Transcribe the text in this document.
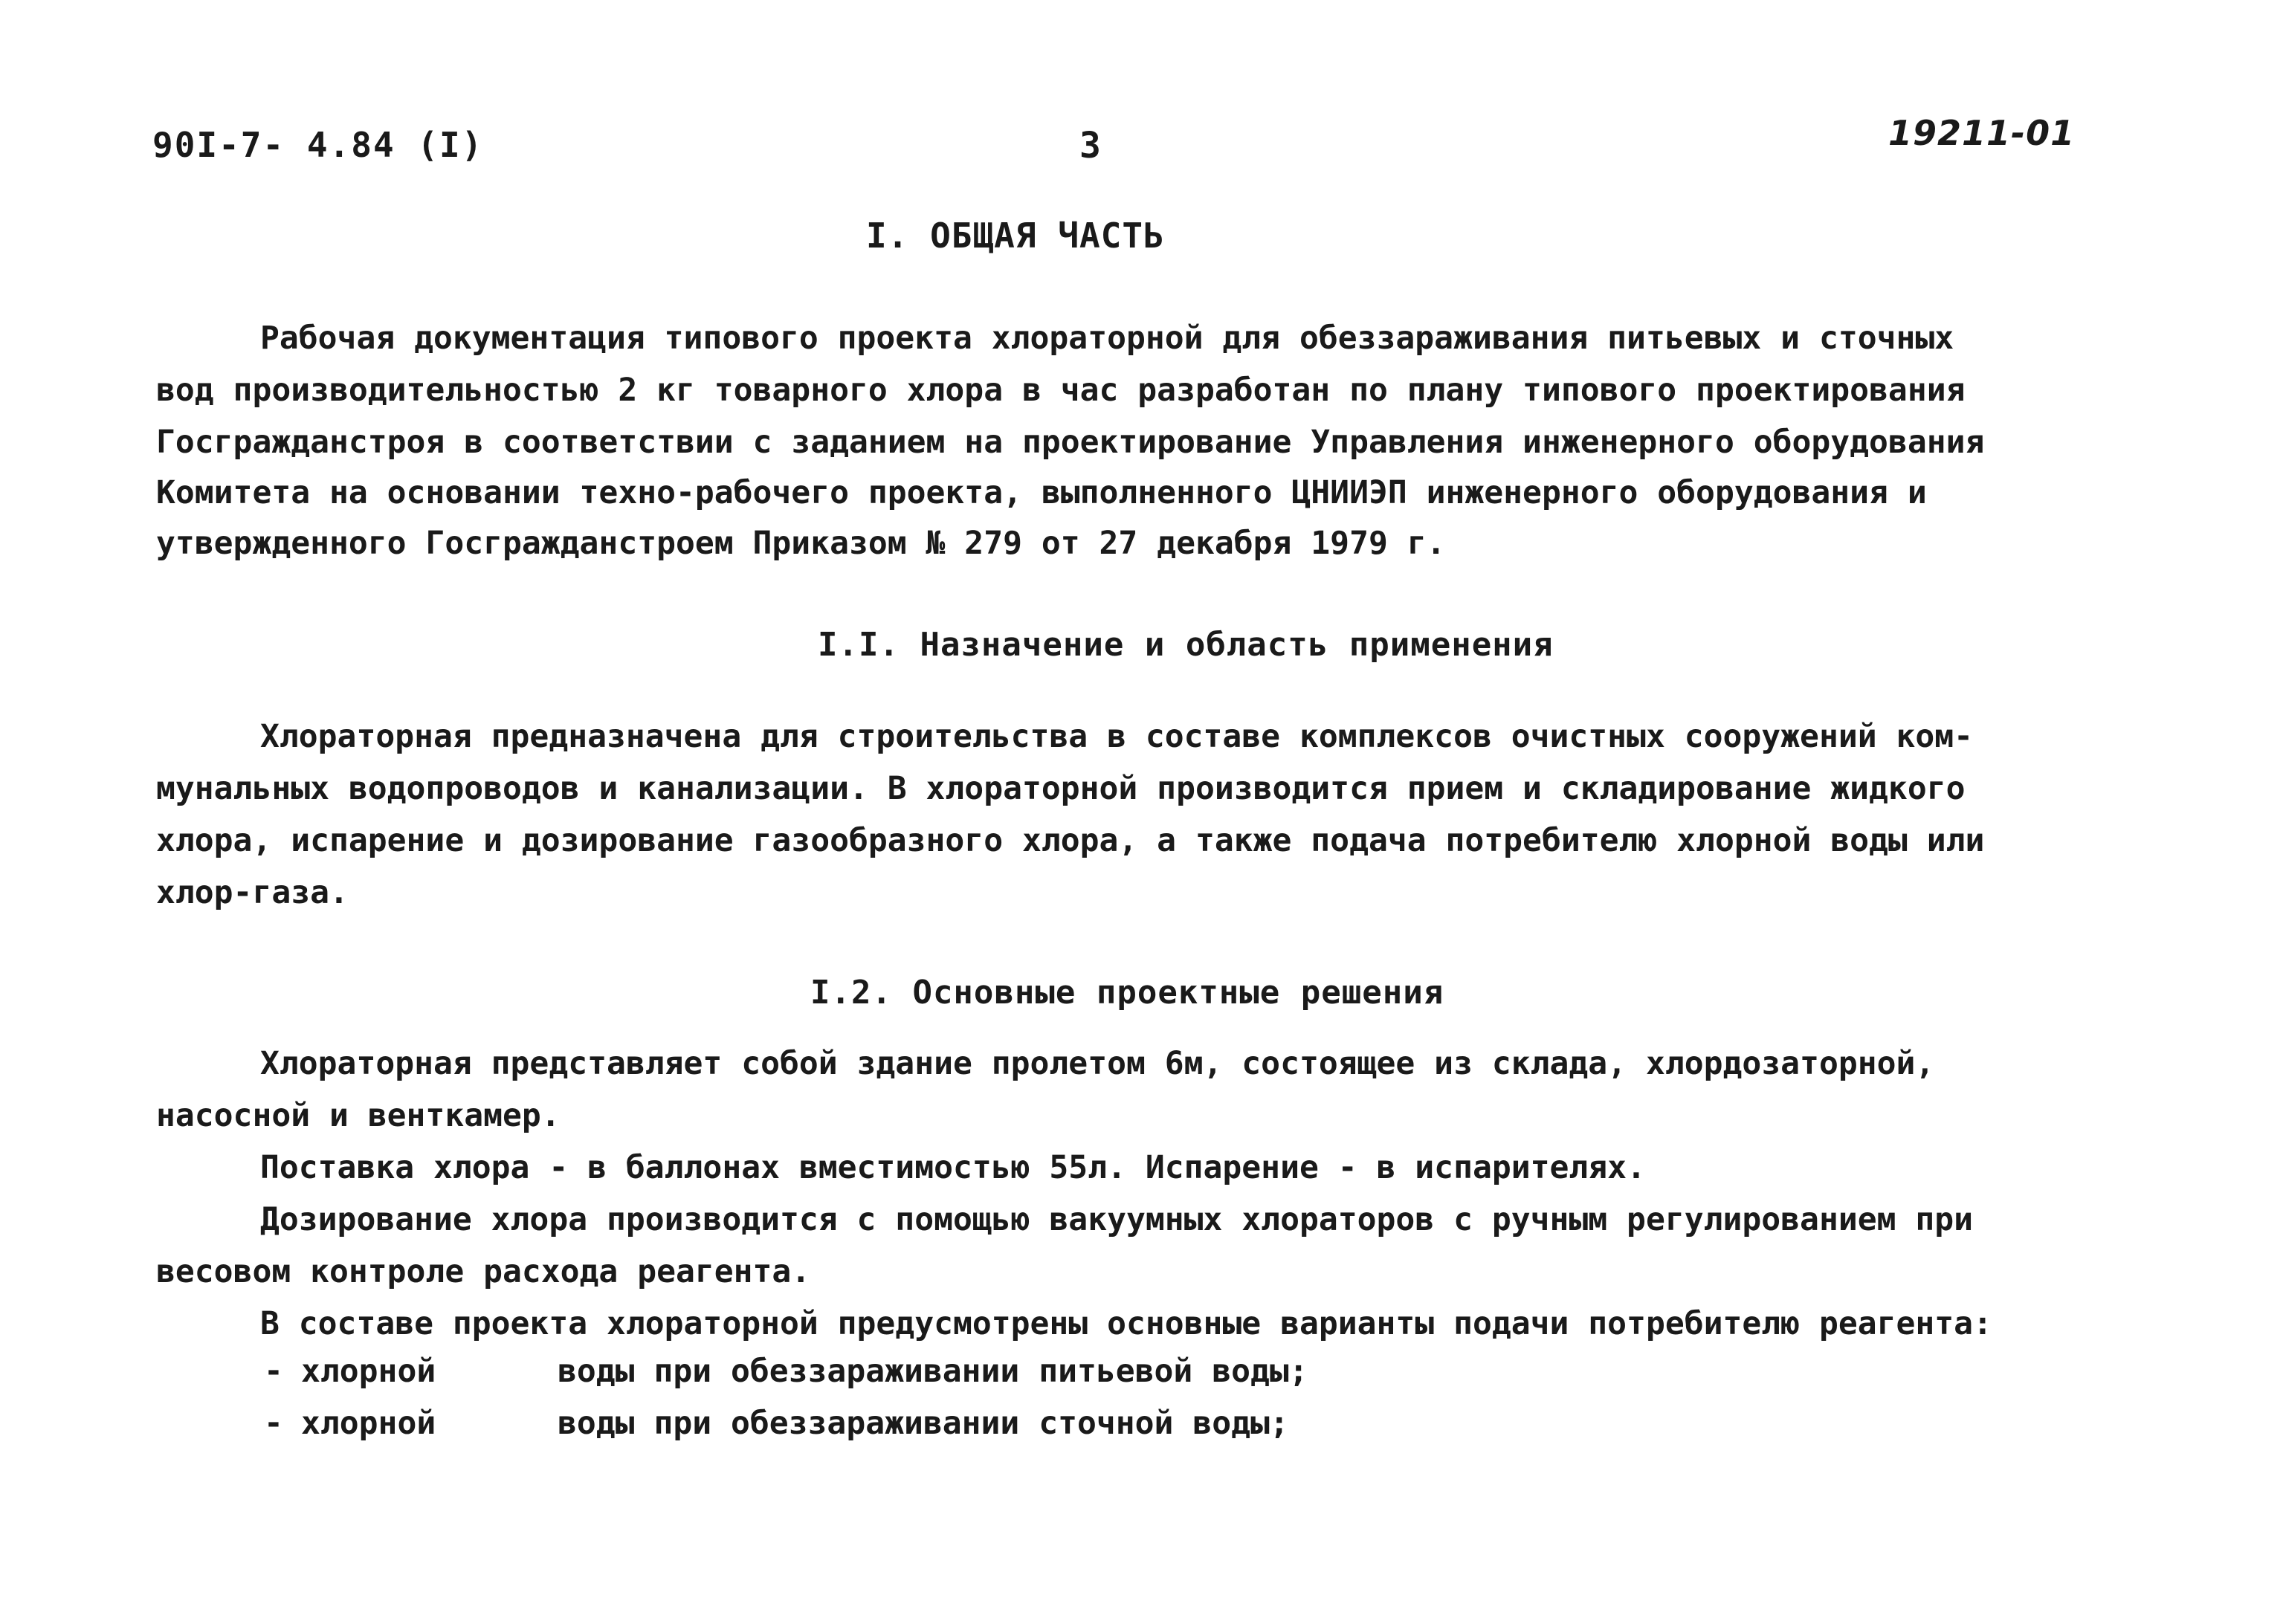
90I-7- 4.84 (I)	3	19211-01
I. ОБЩАЯ ЧАСТЬ
Рабочая документация типового проекта хлораторной для обеззараживания питьевых и сточных
вод производительностью 2 кг товарного хлора в час разработан по плану типового проектирования
Госгражданстроя в соответствии с заданием на проектирование Управления инженерного оборудования
Комитета на основании техно-рабочего проекта, выполненного ЦНИИЭП инженерного оборудования и
утвержденного Госгражданстроем Приказом № 279 от 27 декабря 1979 г.
I.I. Назначение и область применения
Хлораторная предназначена для строительства в составе комплексов очистных сооружений ком-
мунальных водопроводов и канализации. В хлораторной производится прием и складирование жидкого
хлора, испарение и дозирование газообразного хлора, а также подача потребителю хлорной воды или
хлор-газа.
I.2. Основные проектные решения
Хлораторная представляет собой здание пролетом 6м, состоящее из склада, хлордозаторной,
насосной и венткамер.
Поставка хлора - в баллонах вместимостью 55л. Испарение - в испарителях.
Дозирование хлора производится с помощью вакуумных хлораторов с ручным регулированием при
весовом контроле расхода реагента.
В составе проекта хлораторной предусмотрены основные варианты подачи потребителю реагента:
- хлорной	воды при обеззараживании питьевой воды;
- хлорной	воды при обеззараживании сточной воды;
